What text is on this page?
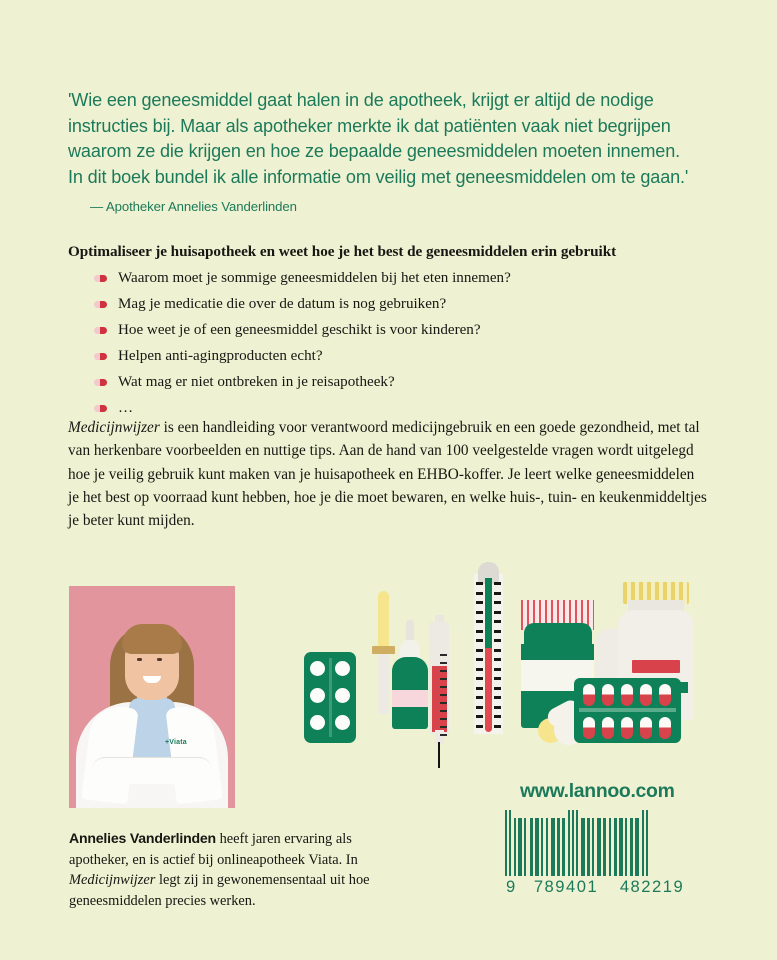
'Wie een geneesmiddel gaat halen in de apotheek, krijgt er altijd de nodige

instructies bij. Maar als apotheker merkte ik dat patiënten vaak niet begrijpen

waarom ze die krijgen en hoe ze bepaalde geneesmiddelen moeten innemen.

In dit boek bundel ik alle informatie om veilig met geneesmiddelen om te gaan.'

— Apotheker Annelies Vanderlinden
Optimaliseer je huisapotheek en weet hoe je het best de geneesmiddelen erin gebruikt
Waarom moet je sommige geneesmiddelen bij het eten innemen?
Mag je medicatie die over de datum is nog gebruiken?
Hoe weet je of een geneesmiddel geschikt is voor kinderen?
Helpen anti-agingproducten echt?
Wat mag er niet ontbreken in je reisapotheek?
…

Medicijnwijzer is een handleiding voor verantwoord medicijngebruik en een goede gezondheid, met tal van herkenbare voorbeelden en nuttige tips. Aan de hand van 100 veelgestelde vragen wordt uitgelegd hoe je veilig gebruik kunt maken van je huisapotheek en EHBO-koffer. Je leert welke geneesmiddelen je het best op voorraad kunt hebben, hoe je die moet bewaren, en welke huis-, tuin- en keukenmiddeltjes je beter kunt mijden.

+Viata

Annelies Vanderlinden heeft jaren ervaring als apotheker, en is actief bij onlineapotheek Viata. In Medicijnwijzer legt zij in gewonemensentaal uit hoe geneesmiddelen precies werken.

www.lannoo.com
9	789401	482219
